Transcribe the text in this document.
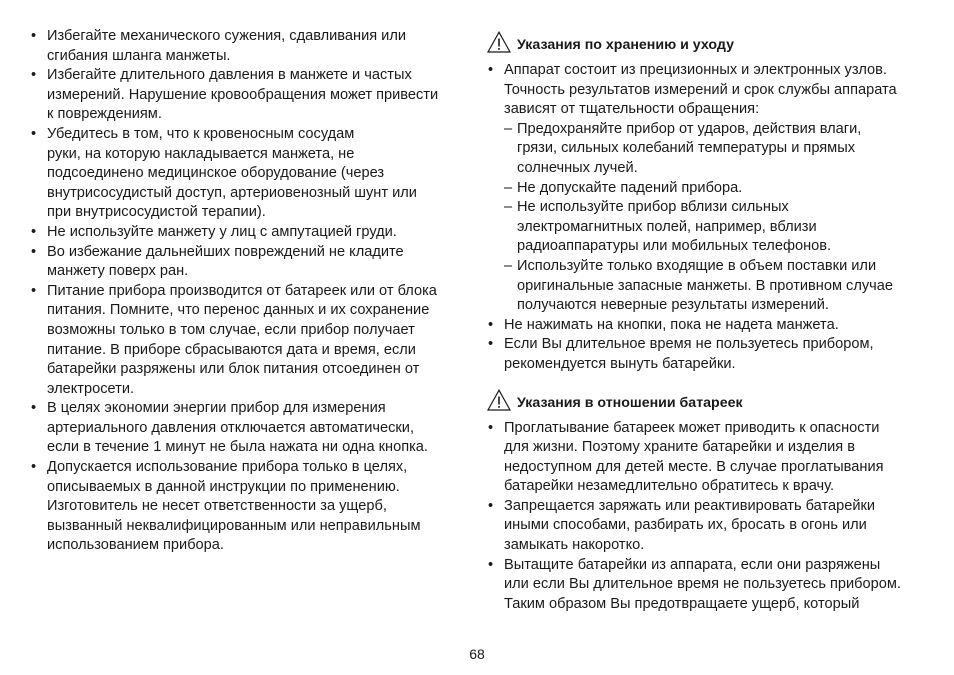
• Избегайте механического сужения, сдавливания или
сгибания шланга манжеты.
• Избегайте длительного давления в манжете и частых
измерений. Нарушение кровообращения может привести
к повреждениям.
• Убедитесь в том, что к кровеносным сосудам
руки, на которую накладывается манжета, не
подсоединено медицинское оборудование (через
внутрисосудистый доступ, артериовенозный шунт или
при внутрисосудистой терапии).
• Не используйте манжету у лиц с ампутацией груди.
• Во избежание дальнейших повреждений не кладите
манжету поверх ран.
• Питание прибора производится от батареек или от блока
питания. Помните, что перенос данных и их сохранение
возможны только в том случае, если прибор получает
питание. В приборе сбрасываются дата и время, если
батарейки разряжены или блок питания отсоединен от
электросети.
• В целях экономии энергии прибор для измерения
артериального давления отключается автоматически,
если в течение 1 минут не была нажата ни одна кнопка.
• Допускается использование прибора только в целях,
описываемых в данной инструкции по применению.
Изготовитель не несет ответственности за ущерб,
вызванный неквалифицированным или неправильным
использованием прибора.
Указания по хранению и уходу
• Аппарат состоит из прецизионных и электронных узлов.
Точность результатов измерений и срок службы аппарата
зависят от тщательности обращения:
– Предохраняйте прибор от ударов, действия влаги,
грязи, сильных колебаний температуры и прямых
солнечных лучей.
– Не допускайте падений прибора.
– Не используйте прибор вблизи сильных
электромагнитных полей, например, вблизи
радиоаппаратуры или мобильных телефонов.
– Используйте только входящие в объем поставки или
оригинальные запасные манжеты. В противном случае
получаются неверные результаты измерений.
• Не нажимать на кнопки, пока не надета манжета.
• Если Вы длительное время не пользуетесь прибором,
рекомендуется вынуть батарейки.
Указания в отношении батареек
• Проглатывание батареек может приводить к опасности
для жизни. Поэтому храните батарейки и изделия в
недоступном для детей месте. В случае проглатывания
батарейки незамедлительно обратитесь к врачу.
• Запрещается заряжать или реактивировать батарейки
иными способами, разбирать их, бросать в огонь или
замыкать накоротко.
• Вытащите батарейки из аппарата, если они разряжены
или если Вы длительное время не пользуетесь прибором.
Таким образом Вы предотвращаете ущерб, который
68
